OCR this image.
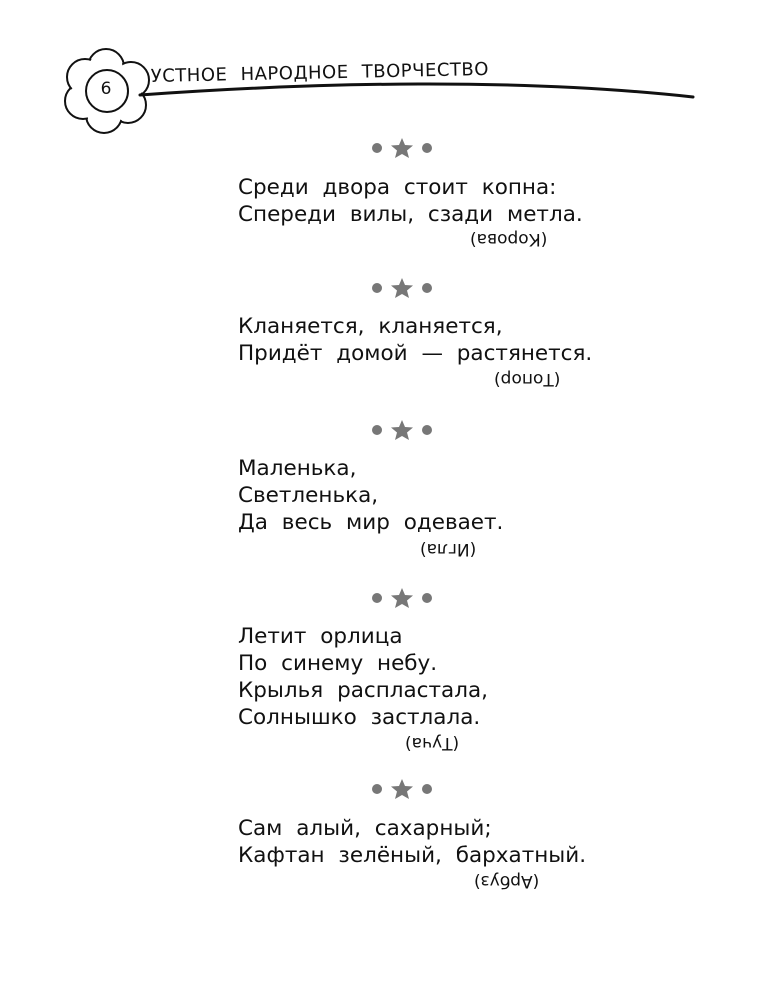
6
УСТНОЕ НАРОДНОЕ ТВОРЧЕСТВО
Среди двора стоит копна:
Спереди вилы, сзади метла.
(Корова)
Кланяется, кланяется,
Придёт домой — растянется.
(Топор)
Маленька,
Светленька,
Да весь мир одевает.
(Игла)
Летит орлица
По синему небу.
Крылья распластала,
Солнышко застлала.
(Туча)
Сам алый, сахарный;
Кафтан зелёный, бархатный.
(Арбуз)
